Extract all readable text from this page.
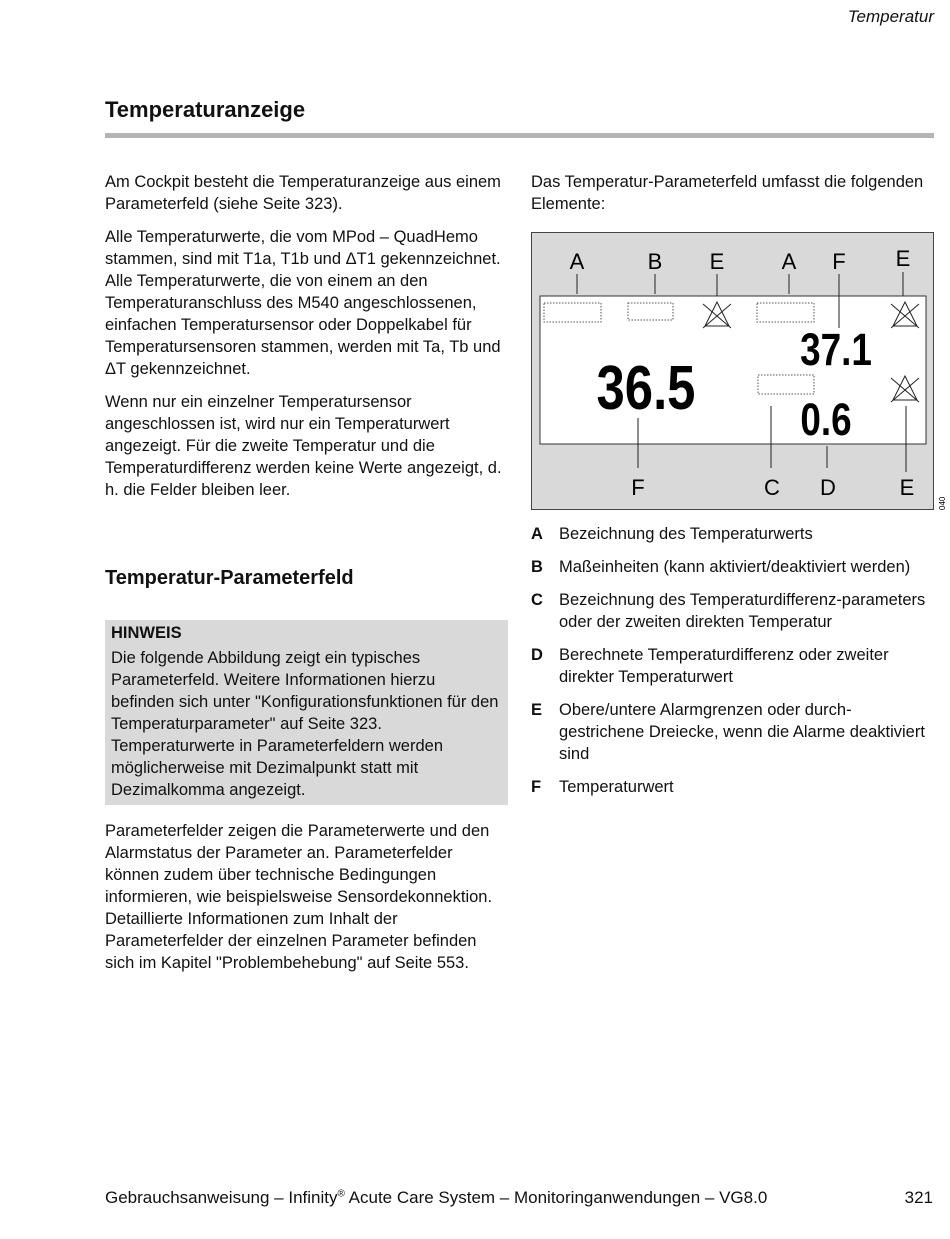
Temperatur
Temperaturanzeige

Am Cockpit besteht die Temperaturanzeige aus einem Parameterfeld (siehe Seite 323).

Alle Temperaturwerte, die vom MPod – QuadHemo stammen, sind mit T1a, T1b und ΔT1 gekennzeichnet. Alle Temperaturwerte, die von einem an den Temperaturanschluss des M540 angeschlossenen, einfachen Temperatursensor oder Doppelkabel für Temperatursensoren stammen, werden mit Ta, Tb und ΔT gekennzeichnet.

Wenn nur ein einzelner Temperatursensor angeschlossen ist, wird nur ein Temperaturwert angezeigt. Für die zweite Temperatur und die Temperaturdifferenz werden keine Werte angezeigt, d. h. die Felder bleiben leer.

Temperatur-Parameterfeld
HINWEIS
Die folgende Abbildung zeigt ein typisches Parameterfeld. Weitere Informationen hierzu befinden sich unter "Konfigurationsfunktionen für den Temperaturparameter" auf Seite 323. Temperaturwerte in Parameterfeldern werden möglicherweise mit Dezimalpunkt statt mit Dezimalkomma angezeigt.
Parameterfelder zeigen die Parameterwerte und den Alarmstatus der Parameter an. Parameterfelder können zudem über technische Bedingungen informieren, wie beispielsweise Sensordekonnektion. Detaillierte Informationen zum Inhalt der Parameterfelder der einzelnen Parameter befinden sich im Kapitel "Problembehebung" auf Seite 553.
Das Temperatur-Parameterfeld umfasst die folgenden Elemente:
A	B E	A F E
36.5
37.1
0.6
F	C D	E
040
A Bezeichnung des Temperaturwerts
B Maßeinheiten (kann aktiviert/deaktiviert werden)
C Bezeichnung des Temperaturdifferenz-parameters oder der zweiten direkten Temperatur
D Berechnete Temperaturdifferenz oder zweiter direkter Temperaturwert
E	Obere/untere Alarmgrenzen oder durch-gestrichene Dreiecke, wenn die Alarme deaktiviert sind
F	Temperaturwert
Gebrauchsanweisung – Infinity® Acute Care System – Monitoringanwendungen – VG8.0	321
